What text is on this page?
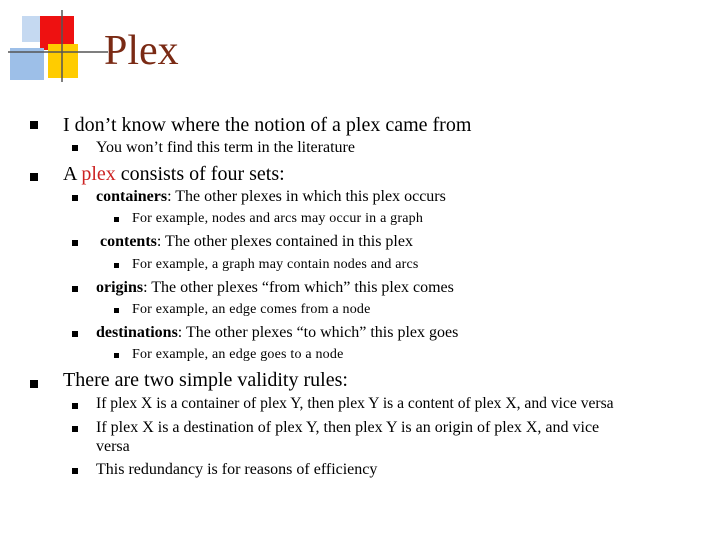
Plex
I don’t know where the notion of a plex came from
You won’t find this term in the literature
A plex consists of four sets:
containers: The other plexes in which this plex occurs
For example, nodes and arcs may occur in a graph
contents: The other plexes contained in this plex
For example, a graph may contain nodes and arcs
origins: The other plexes “from which” this plex comes
For example, an edge comes from a node
destinations: The other plexes “to which” this plex goes
For example, an edge goes to a node
There are two simple validity rules:
If plex X is a container of plex Y, then plex Y is a content of plex X, and vice versa
If plex X is a destination of plex Y, then plex Y is an origin of plex X, and vice
versa
This redundancy is for reasons of efficiency
